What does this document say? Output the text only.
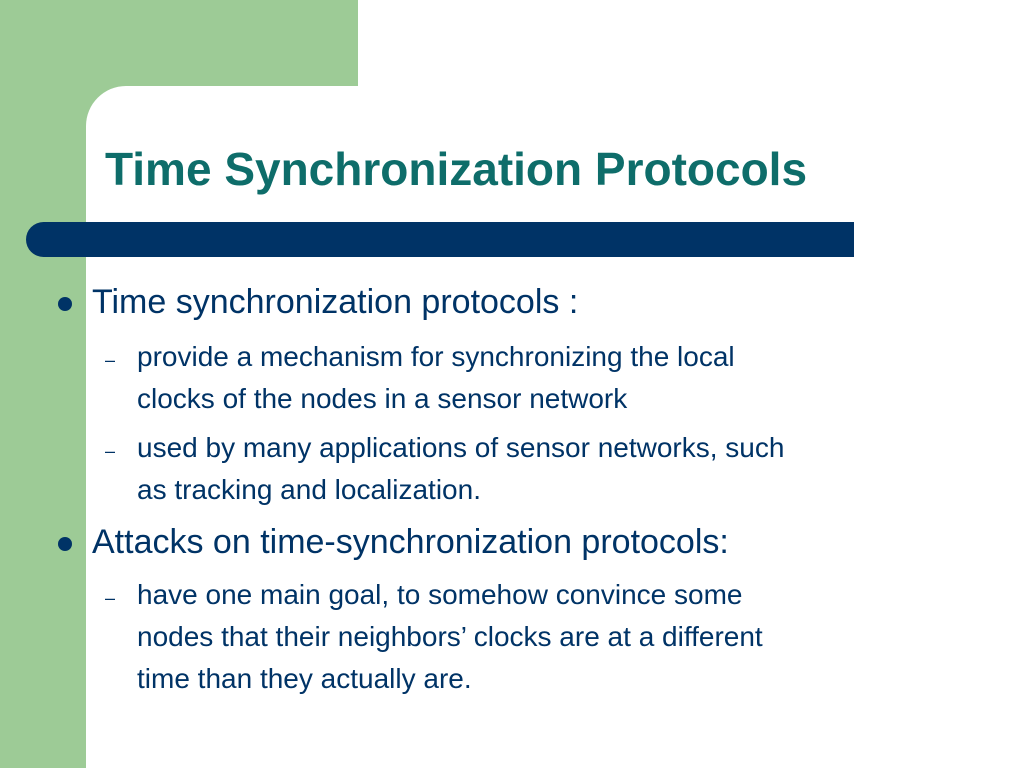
Time Synchronization Protocols
Time synchronization protocols :
– provide a mechanism for synchronizing the local
clocks of the nodes in a sensor network
– used by many applications of sensor networks, such
as tracking and localization.
Attacks on time-synchronization protocols:
– have one main goal, to somehow convince some
nodes that their neighbors’ clocks are at a different
time than they actually are.
